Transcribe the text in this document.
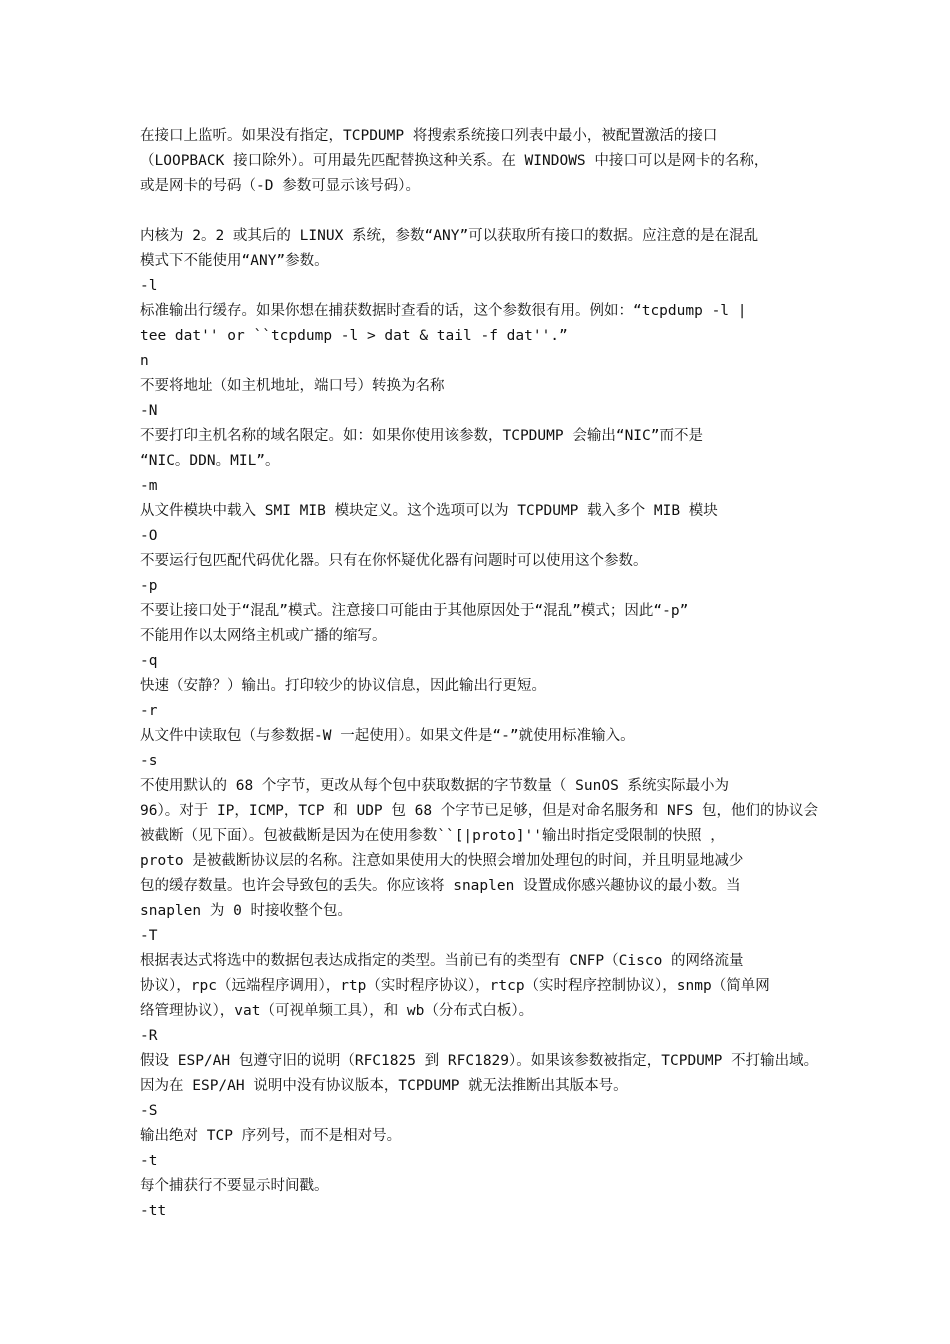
在接口上监听。如果没有指定，TCPDUMP 将搜索系统接口列表中最小，被配置激活的接口
（LOOPBACK 接口除外）。可用最先匹配替换这种关系。在 WINDOWS 中接口可以是网卡的名称，
或是网卡的号码（-D 参数可显示该号码）。
内核为 2。2 或其后的 LINUX 系统，参数“ANY”可以获取所有接口的数据。应注意的是在混乱
模式下不能使用“ANY”参数。
-l
标准输出行缓存。如果你想在捕获数据时查看的话，这个参数很有用。例如：“tcpdump -l |
tee dat'' or ``tcpdump -l > dat & tail -f dat''.”
n
不要将地址（如主机地址，端口号）转换为名称
-N
不要打印主机名称的域名限定。如：如果你使用该参数，TCPDUMP 会输出“NIC”而不是
“NIC。DDN。MIL”。
-m
从文件模块中载入 SMI MIB 模块定义。这个选项可以为 TCPDUMP 载入多个 MIB 模块
-O
不要运行包匹配代码优化器。只有在你怀疑优化器有问题时可以使用这个参数。
-p
不要让接口处于“混乱”模式。注意接口可能由于其他原因处于“混乱”模式；因此“-p”
不能用作以太网络主机或广播的缩写。
-q
快速（安静？）输出。打印较少的协议信息，因此输出行更短。
-r
从文件中读取包（与参数据-W 一起使用）。如果文件是“-”就使用标准输入。
-s
不使用默认的 68 个字节，更改从每个包中获取数据的字节数量（ SunOS 系统实际最小为
96）。对于 IP，ICMP，TCP 和 UDP 包 68 个字节已足够，但是对命名服务和 NFS 包，他们的协议会
被截断（见下面）。包被截断是因为在使用参数``[|proto]''输出时指定受限制的快照 ，
proto 是被截断协议层的名称。注意如果使用大的快照会增加处理包的时间，并且明显地减少
包的缓存数量。也许会导致包的丢失。你应该将 snaplen 设置成你感兴趣协议的最小数。当
snaplen 为 0 时接收整个包。
-T
根据表达式将选中的数据包表达成指定的类型。当前已有的类型有 CNFP（Cisco 的网络流量
协议），rpc（远端程序调用），rtp（实时程序协议），rtcp（实时程序控制协议），snmp（简单网
络管理协议），vat（可视单频工具），和 wb（分布式白板）。
-R
假设 ESP/AH 包遵守旧的说明（RFC1825 到 RFC1829）。如果该参数被指定，TCPDUMP 不打输出域。
因为在 ESP/AH 说明中没有协议版本，TCPDUMP 就无法推断出其版本号。
-S
输出绝对 TCP 序列号，而不是相对号。
-t
每个捕获行不要显示时间戳。
-tt
